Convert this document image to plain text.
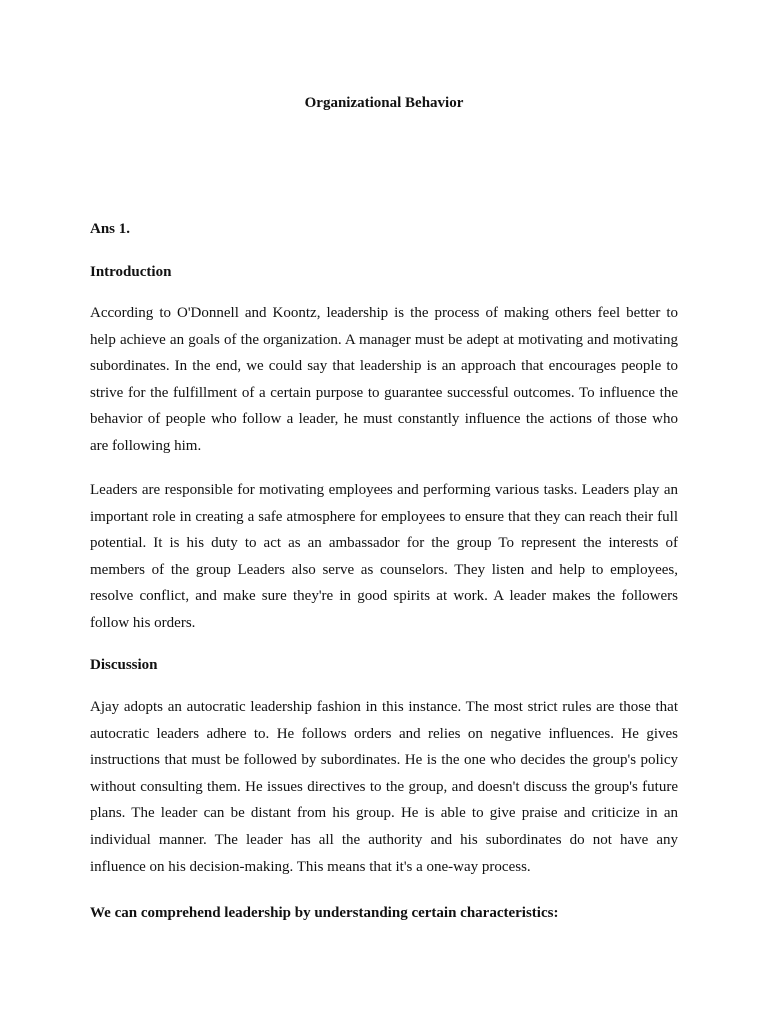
Organizational Behavior
Ans 1.
Introduction
According to O'Donnell and Koontz, leadership is the process of making others feel better to
help achieve an goals of the organization. A manager must be adept at motivating and motivating
subordinates. In the end, we could say that leadership is an approach that encourages people to
strive for the fulfillment of a certain purpose to guarantee successful outcomes. To influence the
behavior of people who follow a leader, he must constantly influence the actions of those who
are following him.
Leaders are responsible for motivating employees and performing various tasks. Leaders play an
important role in creating a safe atmosphere for employees to ensure that they can reach their full
potential. It is his duty to act as an ambassador for the group To represent the interests of
members of the group Leaders also serve as counselors. They listen and help to employees,
resolve conflict, and make sure they're in good spirits at work. A leader makes the followers
follow his orders.
Discussion
Ajay adopts an autocratic leadership fashion in this instance. The most strict rules are those that
autocratic leaders adhere to. He follows orders and relies on negative influences. He gives
instructions that must be followed by subordinates. He is the one who decides the group's policy
without consulting them. He issues directives to the group, and doesn't discuss the group's future
plans. The leader can be distant from his group. He is able to give praise and criticize in an
individual manner. The leader has all the authority and his subordinates do not have any
influence on his decision-making. This means that it's a one-way process.
We can comprehend leadership by understanding certain characteristics:
